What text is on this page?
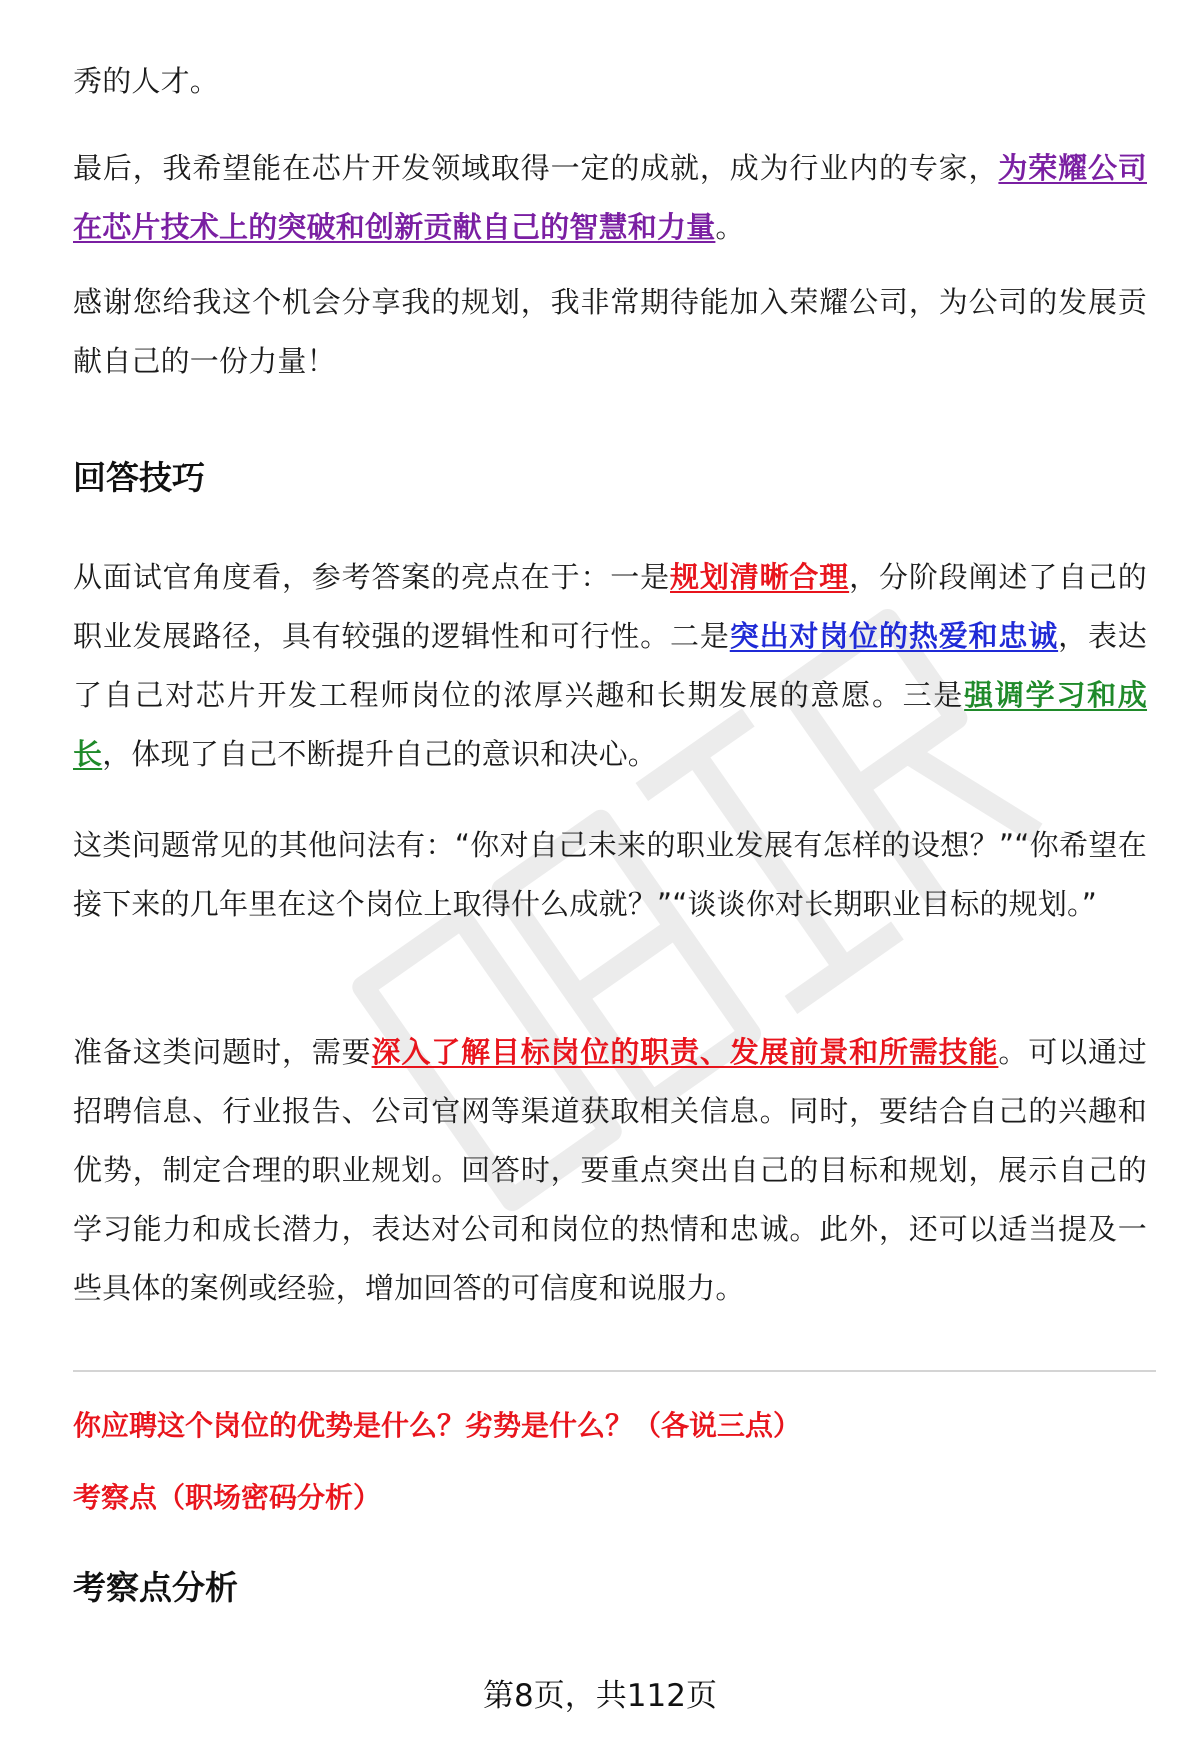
秀的人才。

最后，我希望能在芯片开发领域取得一定的成就，成为行业内的专家，为荣耀公司在芯片技术上的突破和创新贡献自己的智慧和力量。

感谢您给我这个机会分享我的规划，我非常期待能加入荣耀公司，为公司的发展贡献自己的一份力量！

回答技巧

从面试官角度看，参考答案的亮点在于：一是规划清晰合理，分阶段阐述了自己的职业发展路径，具有较强的逻辑性和可行性。二是突出对岗位的热爱和忠诚，表达了自己对芯片开发工程师岗位的浓厚兴趣和长期发展的意愿。三是强调学习和成长，体现了自己不断提升自己的意识和决心。

这类问题常见的其他问法有：“你对自己未来的职业发展有怎样的设想？”“你希望在接下来的几年里在这个岗位上取得什么成就？”“谈谈你对长期职业目标的规划。”

准备这类问题时，需要深入了解目标岗位的职责、发展前景和所需技能。可以通过招聘信息、行业报告、公司官网等渠道获取相关信息。同时，要结合自己的兴趣和优势，制定合理的职业规划。回答时，要重点突出自己的目标和规划，展示自己的学习能力和成长潜力，表达对公司和岗位的热情和忠诚。此外，还可以适当提及一些具体的案例或经验，增加回答的可信度和说服力。

你应聘这个岗位的优势是什么？劣势是什么？（各说三点）

考察点（职场密码分析）

考察点分析
第8页，共112页
